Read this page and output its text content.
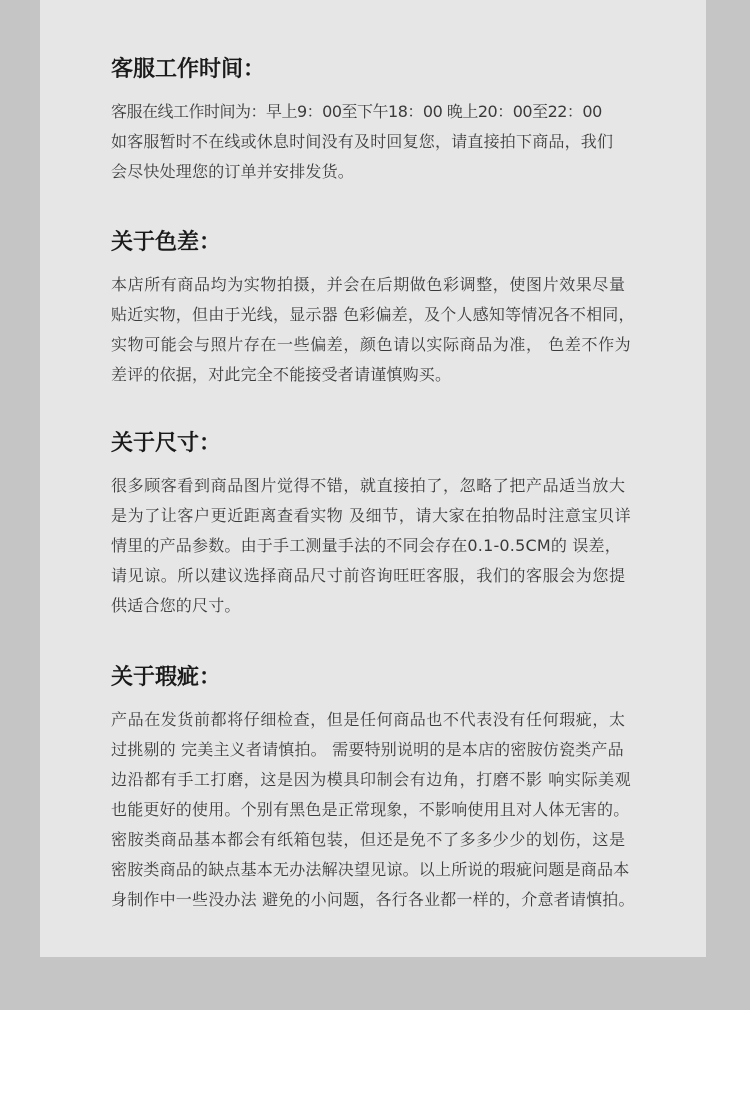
客服工作时间：
客服在线工作时间为：早上9：00至下午18：00 晚上20：00至22：00
如客服暂时不在线或休息时间没有及时回复您，请直接拍下商品，我们
会尽快处理您的订单并安排发货。
关于色差：
本店所有商品均为实物拍摄，并会在后期做色彩调整，使图片效果尽量
贴近实物，但由于光线，显示器 色彩偏差，及个人感知等情况各不相同，
实物可能会与照片存在一些偏差，颜色请以实际商品为准， 色差不作为
差评的依据，对此完全不能接受者请谨慎购买。
关于尺寸：
很多顾客看到商品图片觉得不错，就直接拍了，忽略了把产品适当放大
是为了让客户更近距离查看实物 及细节，请大家在拍物品时注意宝贝详
情里的产品参数。由于手工测量手法的不同会存在0.1-0.5CM的 误差，
请见谅。所以建议选择商品尺寸前咨询旺旺客服，我们的客服会为您提
供适合您的尺寸。
关于瑕疵：
产品在发货前都将仔细检查，但是任何商品也不代表没有任何瑕疵，太
过挑剔的 完美主义者请慎拍。 需要特别说明的是本店的密胺仿瓷类产品
边沿都有手工打磨，这是因为模具印制会有边角，打磨不影 响实际美观
也能更好的使用。个别有黑色是正常现象，不影响使用且对人体无害的。
密胺类商品基本都会有纸箱包装，但还是免不了多多少少的划伤，这是
密胺类商品的缺点基本无办法解决望见谅。以上所说的瑕疵问题是商品本
身制作中一些没办法 避免的小问题，各行各业都一样的，介意者请慎拍。
